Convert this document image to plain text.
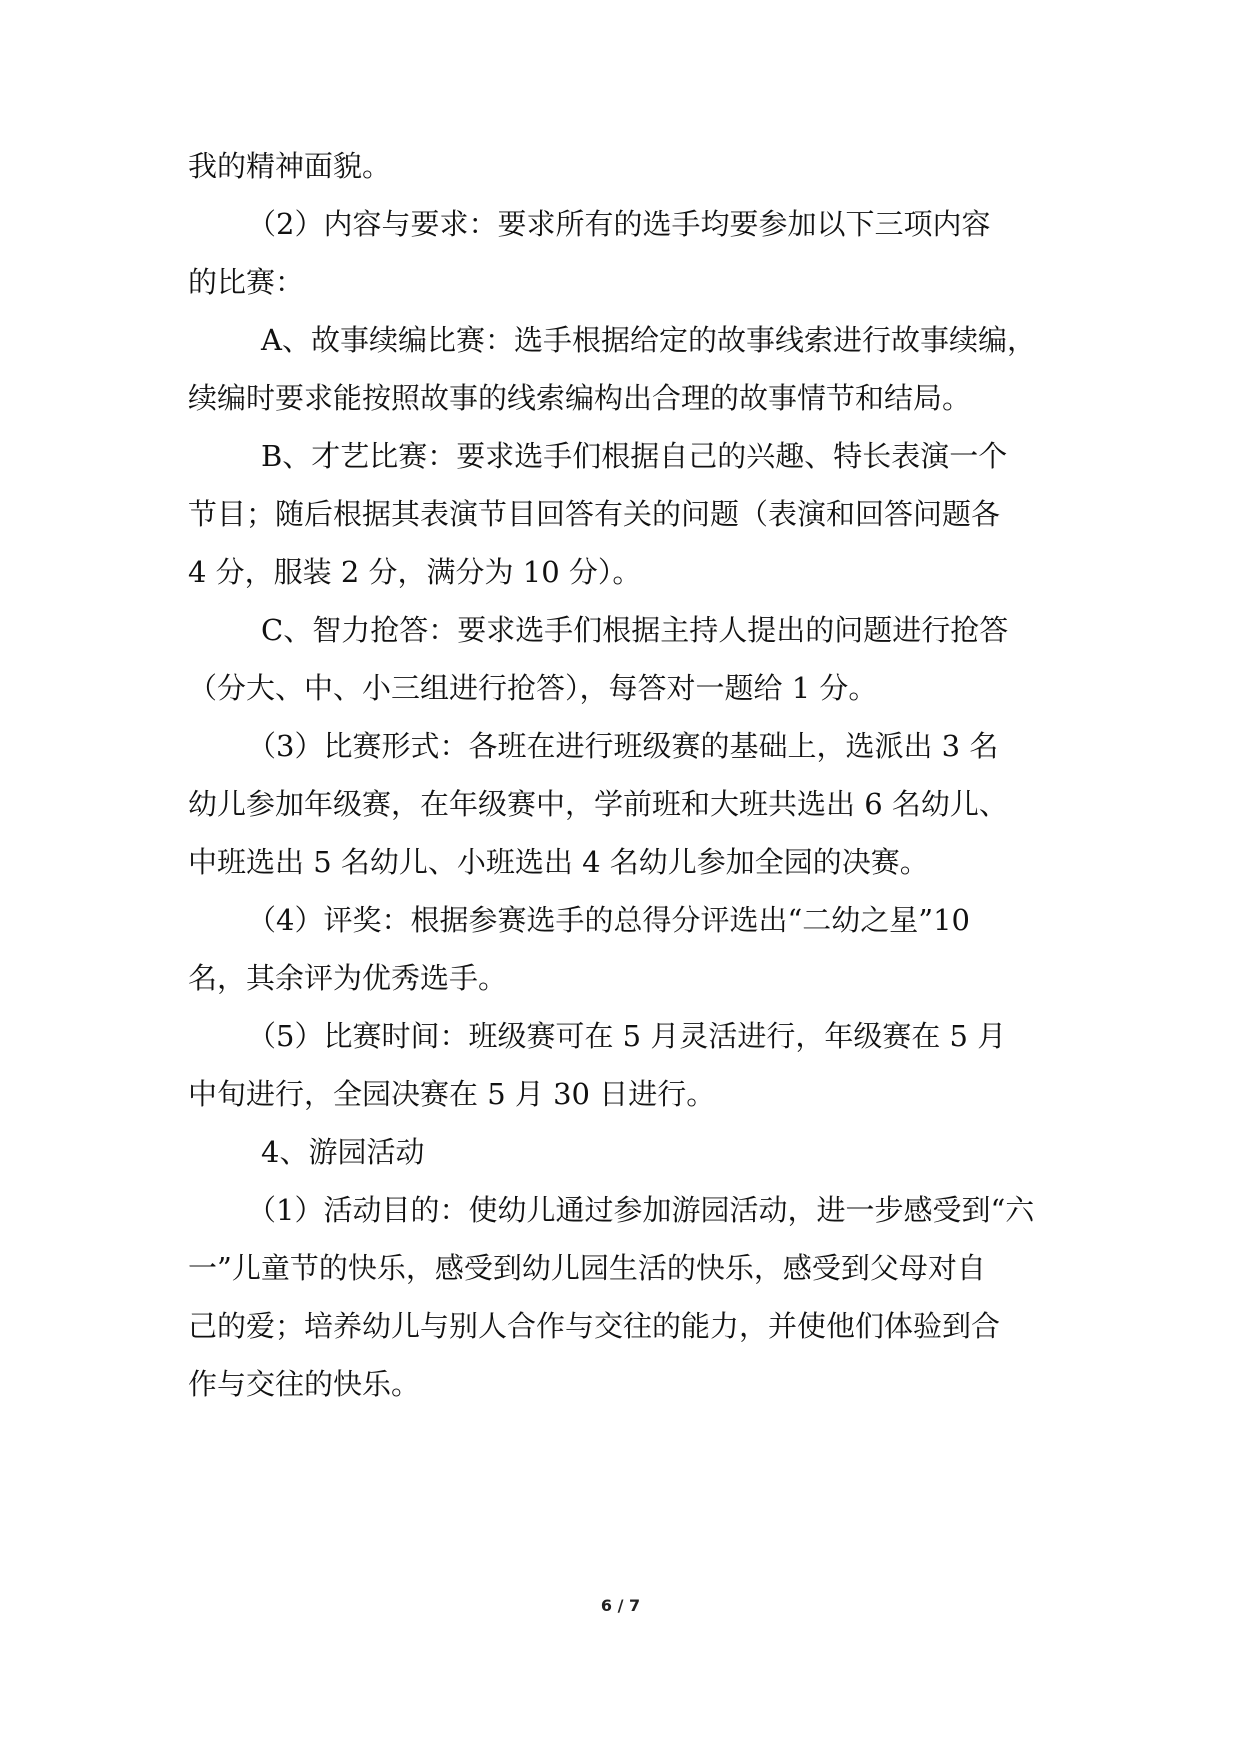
我的精神面貌。
（2）内容与要求：要求所有的选手均要参加以下三项内容
的比赛：
A、故事续编比赛：选手根据给定的故事线索进行故事续编，
续编时要求能按照故事的线索编构出合理的故事情节和结局。
B、才艺比赛：要求选手们根据自己的兴趣、特长表演一个
节目；随后根据其表演节目回答有关的问题（表演和回答问题各
4 分，服装 2 分，满分为 10 分）。
C、智力抢答：要求选手们根据主持人提出的问题进行抢答
（分大、中、小三组进行抢答），每答对一题给 1 分。
（3）比赛形式：各班在进行班级赛的基础上，选派出 3 名
幼儿参加年级赛，在年级赛中，学前班和大班共选出 6 名幼儿、
中班选出 5 名幼儿、小班选出 4 名幼儿参加全园的决赛。
（4）评奖：根据参赛选手的总得分评选出“二幼之星”10
名，其余评为优秀选手。
（5）比赛时间：班级赛可在 5 月灵活进行，年级赛在 5 月
中旬进行，全园决赛在 5 月 30 日进行。
4、游园活动
（1）活动目的：使幼儿通过参加游园活动，进一步感受到“六
一”儿童节的快乐，感受到幼儿园生活的快乐，感受到父母对自
己的爱；培养幼儿与别人合作与交往的能力，并使他们体验到合
作与交往的快乐。
6 / 7
